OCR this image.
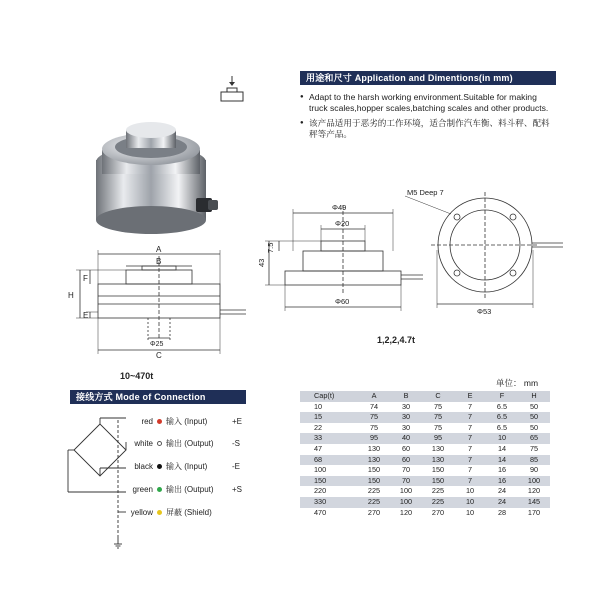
用途和尺寸 Application and Dimentions(in mm)
● Adapt to the harsh working environment.Suitable for making truck scales,hopper scales,batching scales and other products.
● 该产品适用于恶劣的工作环境，适合制作汽车衡、料斗秤、配料秤等产品。
A
B
C
H
F
E
Φ25
10~470t
Φ49
Φ20
Φ60
7.5
43
M5 Deep 7
Φ53
1,2,2,4.7t
接线方式 Mode of Connection
red 输入 (Input)	+E
white 输出 (Output)	-S
black 输入 (Input)	-E
green 输出 (Output)	+S
yellow 屏蔽 (Shield)
单位： mm
Cap(t)	A	B	C	E	F	H
10	74	30	75	7	6.5	50
15	75	30	75	7	6.5	50
22	75	30	75	7	6.5	50
33	95	40	95	7	10	65
47	130	60	130	7	14	75
68	130	60	130	7	14	85
100	150	70	150	7	16	90
150	150	70	150	7	16	100
220	225	100	225	10	24	120
330	225	100	225	10	24	145
470	270	120	270	10	28	170
